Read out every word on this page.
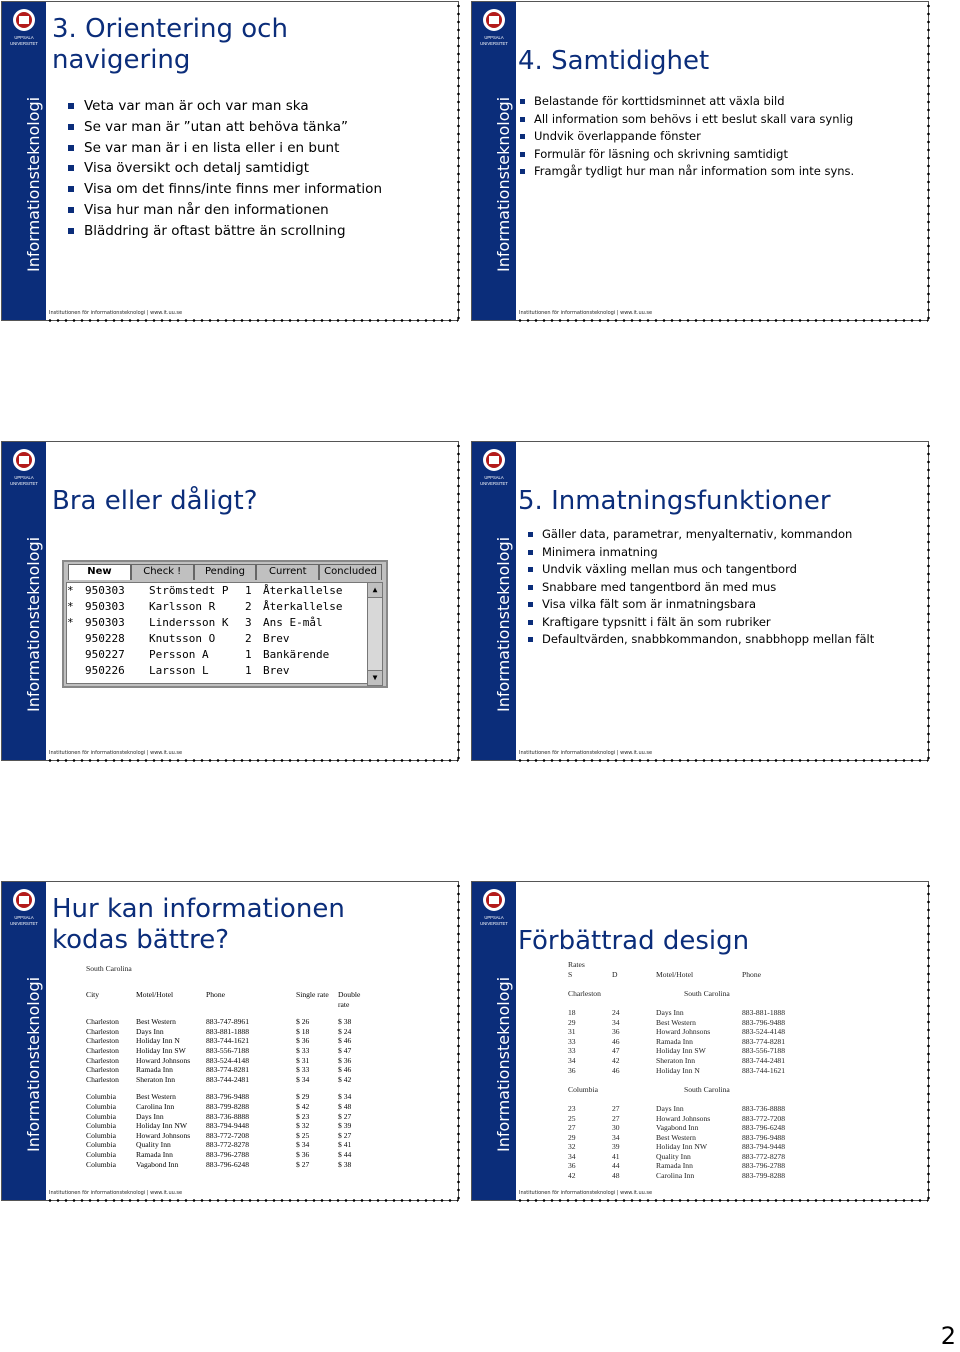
UPPSALA
UNIVERSITET
Informationsteknologi
Institutionen för informationsteknologi | www.it.uu.se
3. Orientering och
navigering
Veta var man är och var man ska
Se var man är ”utan att behöva tänka”
Se var man är i en lista eller i en bunt
Visa översikt och detalj samtidigt
Visa om det finns/inte finns mer information
Visa hur man når den informationen
Bläddring är oftast bättre än scrollning
UPPSALA
UNIVERSITET
Informationsteknologi
Institutionen för informationsteknologi | www.it.uu.se
4. Samtidighet
Belastande för korttidsminnet att växla bild
All information som behövs i ett beslut skall vara synlig
Undvik överlappande fönster
Formulär för läsning och skrivning samtidigt
Framgår tydligt hur man når information som inte syns.
UPPSALA
UNIVERSITET
Informationsteknologi
Institutionen för informationsteknologi | www.it.uu.se
Bra eller dåligt?
New	Check !	Pending	Current	Concluded
*	950303	Strömstedt P	1	Återkallelse
*	950303	Karlsson R	2	Återkallelse
*	950303	Lindersson K	3	Ans E-mål
950228	Knutsson O	2	Brev
950227	Persson A	1	Bankärende
950226	Larsson L	1	Brev
▲
▼
UPPSALA
UNIVERSITET
Informationsteknologi
Institutionen för informationsteknologi | www.it.uu.se
5. Inmatningsfunktioner
Gäller data, parametrar, menyalternativ, kommandon
Minimera inmatning
Undvik växling mellan mus och tangentbord
Snabbare med tangentbord än med mus
Visa vilka fält som är inmatningsbara
Kraftigare typsnitt i fält än som rubriker
Defaultvärden, snabbkommandon, snabbhopp mellan fält
UPPSALA
UNIVERSITET
Informationsteknologi
Institutionen för informationsteknologi | www.it.uu.se
Hur kan informationen
kodas bättre?
South Carolina
City	Motel/Hotel	Phone	Single rate	Double rate

Charleston	Best Western	883-747-8961	$ 26	$ 38
Charleston	Days Inn	883-881-1888	$ 18	$ 24
Charleston	Holiday Inn N	883-744-1621	$ 36	$ 46
Charleston	Holiday Inn SW	883-556-7188	$ 33	$ 47
Charleston	Howard Johnsons	883-524-4148	$ 31	$ 36
Charleston	Ramada Inn	883-774-8281	$ 33	$ 46
Charleston	Sheraton Inn	883-744-2481	$ 34	$ 42

Columbia	Best Western	883-796-9488	$ 29	$ 34
Columbia	Carolina Inn	883-799-8288	$ 42	$ 48
Columbia	Days Inn	883-736-8888	$ 23	$ 27
Columbia	Holiday Inn NW	883-794-9448	$ 32	$ 39
Columbia	Howard Johnsons	883-772-7208	$ 25	$ 27
Columbia	Quality Inn	883-772-8278	$ 34	$ 41
Columbia	Ramada Inn	883-796-2788	$ 36	$ 44
Columbia	Vagabond Inn	883-796-6248	$ 27	$ 38
UPPSALA
UNIVERSITET
Informationsteknologi
Institutionen för informationsteknologi | www.it.uu.se
Förbättrad design
Rates
S	D	Motel/Hotel	Phone
Charleston	South Carolina
18	24	Days Inn	883-881-1888
29	34	Best Western	883-796-9488
31	36	Howard Johnsons	883-524-4148
33	46	Ramada Inn	883-774-8281
33	47	Holiday Inn SW	883-556-7188
34	42	Sheraton Inn	883-744-2481
36	46	Holiday Inn N	883-744-1621
Columbia	South Carolina
23	27	Days Inn	883-736-8888
25	27	Howard Johnsons	883-772-7208
27	30	Vagabond Inn	883-796-6248
29	34	Best Western	883-796-9488
32	39	Holiday Inn NW	883-794-9448
34	41	Quality Inn	883-772-8278
36	44	Ramada Inn	883-796-2788
42	48	Carolina Inn	883-799-8288
2
